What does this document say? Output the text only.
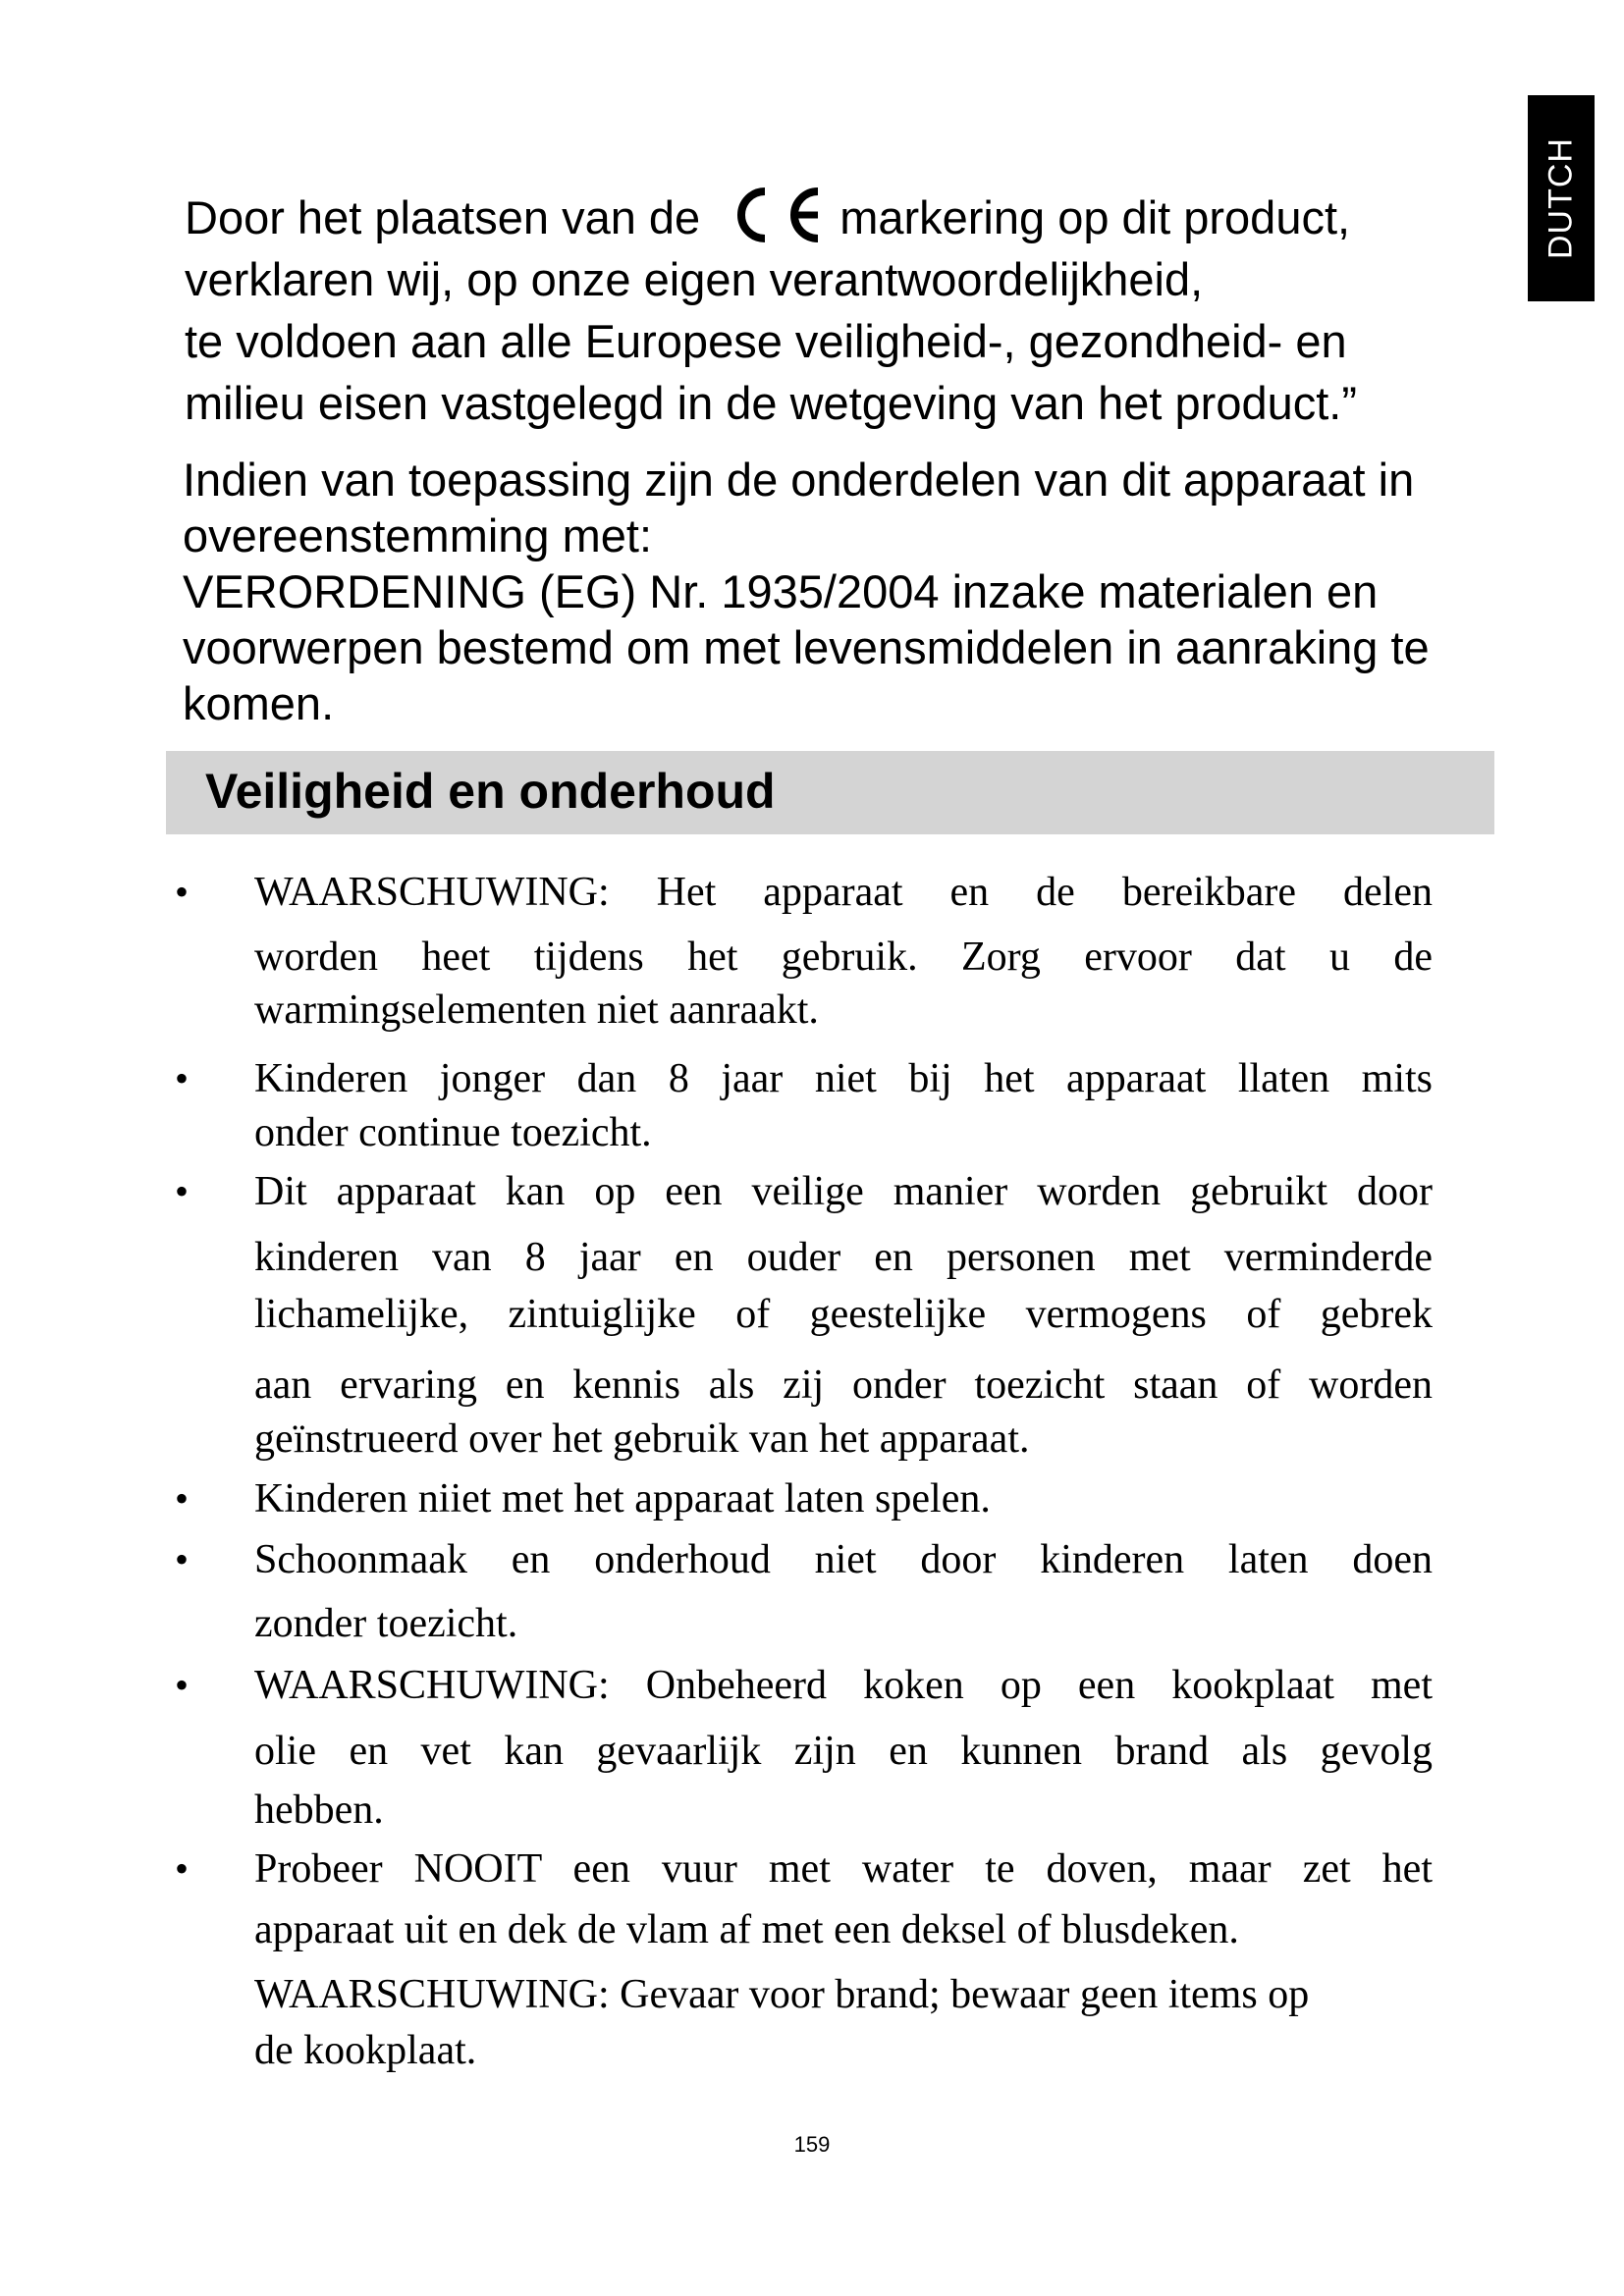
DUTCH

Door het plaatsen van de	markering op dit product,

verklaren wij, op onze eigen verantwoordelijkheid,

te voldoen aan alle Europese veiligheid-, gezondheid- en

milieu eisen vastgelegd in de wetgeving van het product.”

Indien van toepassing zijn de onderdelen van dit apparaat in
overeenstemming met:
VERORDENING (EG) Nr. 1935/2004 inzake materialen en
voorwerpen bestemd om met levensmiddelen in aanraking te
komen.
Veiligheid en onderhoud
• WAARSCHUWING: Het apparaat en de bereikbare delen
worden heet tijdens het gebruik. Zorg ervoor dat u de
warmingselementen niet aanraakt.
• Kinderen jonger dan 8 jaar niet bij het apparaat llaten mits
onder continue toezicht.
• Dit apparaat kan op een veilige manier worden gebruikt door
kinderen van 8 jaar en ouder en personen met verminderde
lichamelijke, zintuiglijke of geestelijke vermogens of gebrek
aan ervaring en kennis als zij onder toezicht staan of worden
geïnstrueerd over het gebruik van het apparaat.
• Kinderen niiet met het apparaat laten spelen.
• Schoonmaak en onderhoud niet door kinderen laten doen
zonder toezicht.
• WAARSCHUWING: Onbeheerd koken op een kookplaat met
olie en vet kan gevaarlijk zijn en kunnen brand als gevolg
hebben.
• Probeer NOOIT een vuur met water te doven, maar zet het
apparaat uit en dek de vlam af met een deksel of blusdeken.
WAARSCHUWING: Gevaar voor brand; bewaar geen items op
de kookplaat.
159
